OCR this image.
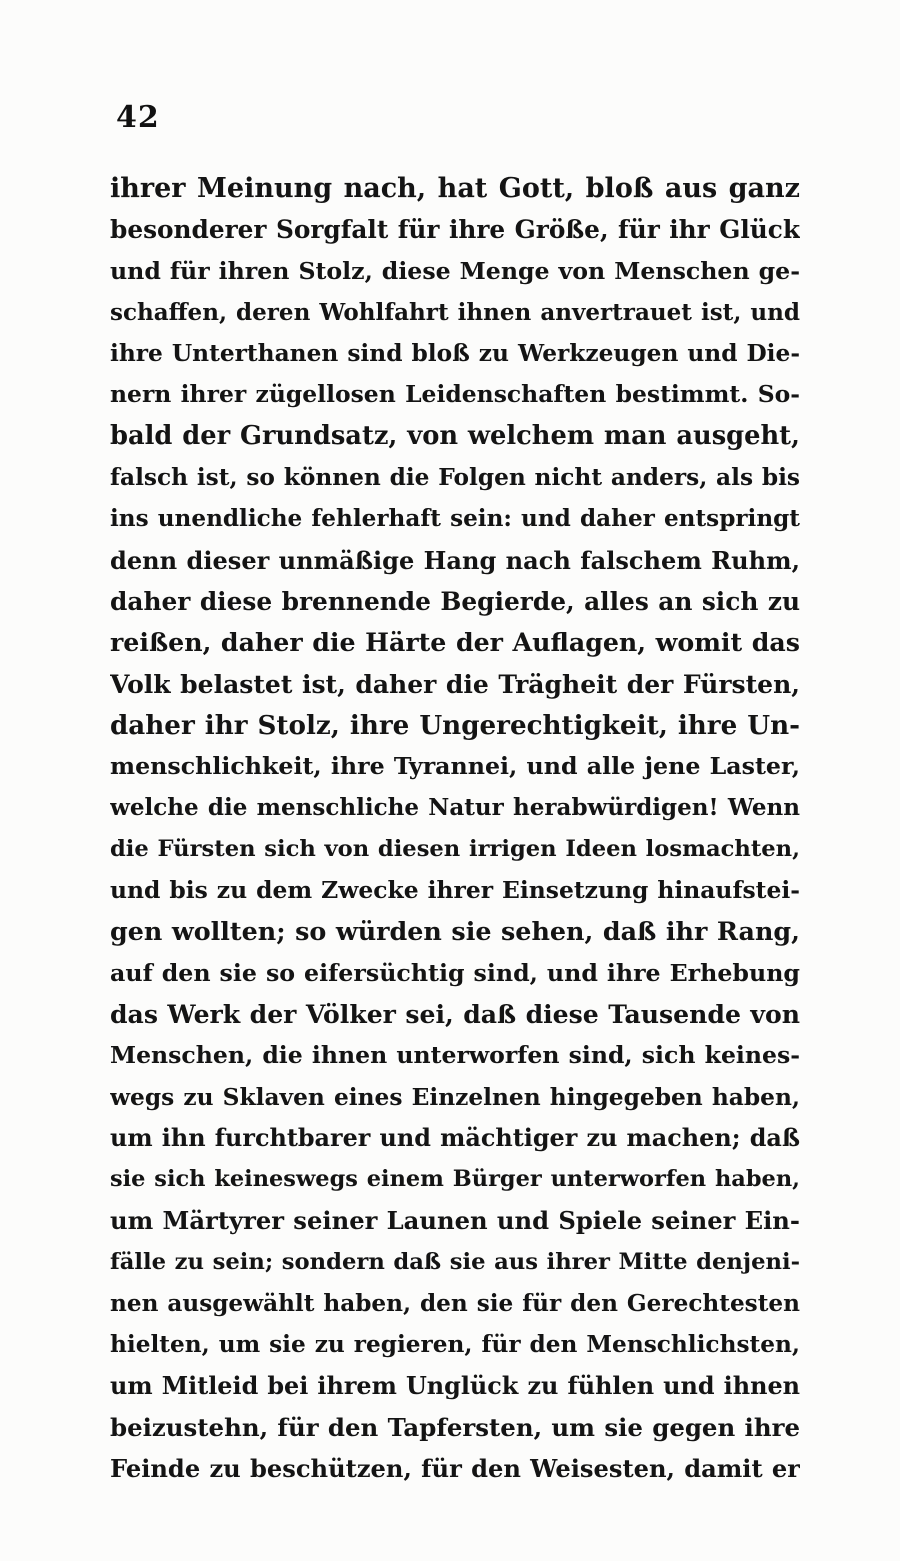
42
ihrer Meinung nach, hat Gott, bloß aus ganz
besonderer Sorgfalt für ihre Größe, für ihr Glück
und für ihren Stolz, diese Menge von Menschen ge-
schaffen, deren Wohlfahrt ihnen anvertrauet ist, und
ihre Unterthanen sind bloß zu Werkzeugen und Die-
nern ihrer zügellosen Leidenschaften bestimmt. So-
bald der Grundsatz, von welchem man ausgeht,
falsch ist, so können die Folgen nicht anders, als bis
ins unendliche fehlerhaft sein: und daher entspringt
denn dieser unmäßige Hang nach falschem Ruhm,
daher diese brennende Begierde, alles an sich zu
reißen, daher die Härte der Auflagen, womit das
Volk belastet ist, daher die Trägheit der Fürsten,
daher ihr Stolz, ihre Ungerechtigkeit, ihre Un-
menschlichkeit, ihre Tyrannei, und alle jene Laster,
welche die menschliche Natur herabwürdigen! Wenn
die Fürsten sich von diesen irrigen Ideen losmachten,
und bis zu dem Zwecke ihrer Einsetzung hinaufstei-
gen wollten; so würden sie sehen, daß ihr Rang,
auf den sie so eifersüchtig sind, und ihre Erhebung
das Werk der Völker sei, daß diese Tausende von
Menschen, die ihnen unterworfen sind, sich keines-
wegs zu Sklaven eines Einzelnen hingegeben haben,
um ihn furchtbarer und mächtiger zu machen; daß
sie sich keineswegs einem Bürger unterworfen haben,
um Märtyrer seiner Launen und Spiele seiner Ein-
fälle zu sein; sondern daß sie aus ihrer Mitte denjeni-
nen ausgewählt haben, den sie für den Gerechtesten
hielten, um sie zu regieren, für den Menschlichsten,
um Mitleid bei ihrem Unglück zu fühlen und ihnen
beizustehn, für den Tapfersten, um sie gegen ihre
Feinde zu beschützen, für den Weisesten, damit er
